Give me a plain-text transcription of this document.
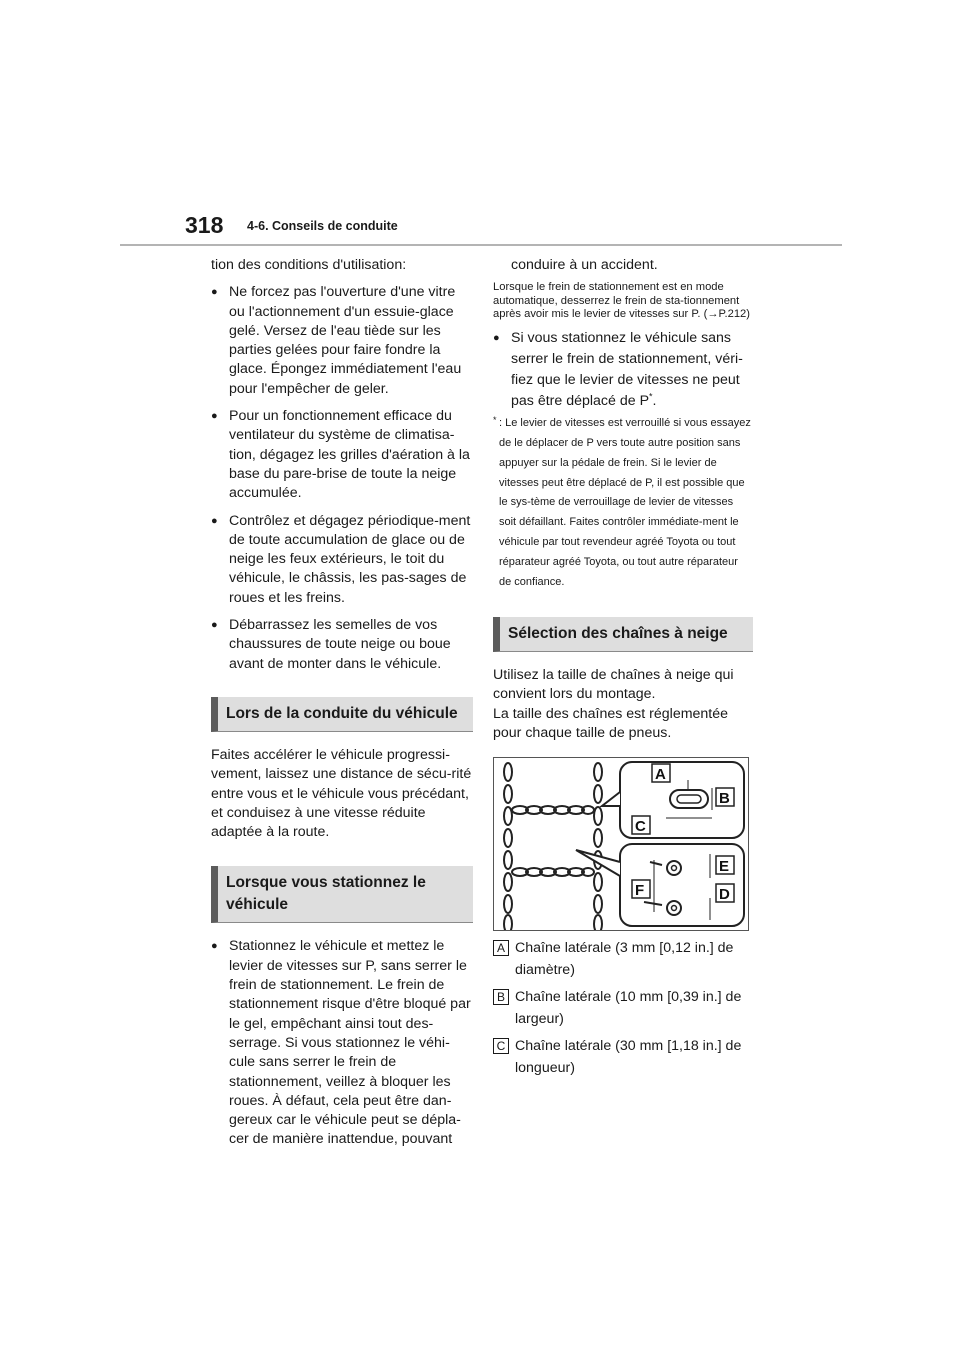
318 4-6. Conseils de conduite

tion des conditions d'utilisation:

● Ne forcez pas l'ouverture d'une vitre ou l'actionnement d'un essuie-glace gelé. Versez de l'eau tiède sur les parties gelées pour faire fondre la glace. Épongez immédiatement l'eau pour l'empêcher de geler.

● Pour un fonctionnement efficace du ventilateur du système de climatisa-tion, dégagez les grilles d'aération à la base du pare-brise de toute la neige accumulée.

● Contrôlez et dégagez périodique-ment de toute accumulation de glace ou de neige les feux extérieurs, le toit du véhicule, le châssis, les pas-sages de roues et les freins.

● Débarrassez les semelles de vos chaussures de toute neige ou boue avant de monter dans le véhicule.

Lors de la conduite du véhicule

Faites accélérer le véhicule progressi-vement, laissez une distance de sécu-rité entre vous et le véhicule vous précédant, et conduisez à une vitesse réduite adaptée à la route.

Lorsque vous stationnez le véhicule

● Stationnez le véhicule et mettez le levier de vitesses sur P, sans serrer le frein de stationnement. Le frein de stationnement risque d'être bloqué par le gel, empêchant ainsi tout des-serrage. Si vous stationnez le véhi-cule sans serrer le frein de stationnement, veillez à bloquer les roues. À défaut, cela peut être dan-gereux car le véhicule peut se dépla-cer de manière inattendue, pouvant

conduire à un accident.

Lorsque le frein de stationnement est en mode automatique, desserrez le frein de sta-tionnement après avoir mis le levier de vitesses sur P. (→P.212)

● Si vous stationnez le véhicule sans serrer le frein de stationnement, véri-fiez que le levier de vitesses ne peut pas être déplacé de P*.

* : Le levier de vitesses est verrouillé si vous essayez de le déplacer de P vers toute autre position sans appuyer sur la pédale de frein. Si le levier de vitesses peut être déplacé de P, il est possible que le sys-tème de verrouillage de levier de vitesses soit défaillant. Faites contrôler immédiate-ment le véhicule par tout revendeur agréé Toyota ou tout réparateur agréé Toyota, ou tout autre réparateur de confiance.
Sélection des chaînes à neige

Utilisez la taille de chaînes à neige qui convient lors du montage.

La taille des chaînes est réglementée pour chaque taille de pneus.

A
B
C
E
F	D

A Chaîne latérale (3 mm [0,12 in.] de diamètre)

B Chaîne latérale (10 mm [0,39 in.] de largeur)

C Chaîne latérale (30 mm [1,18 in.] de longueur)
